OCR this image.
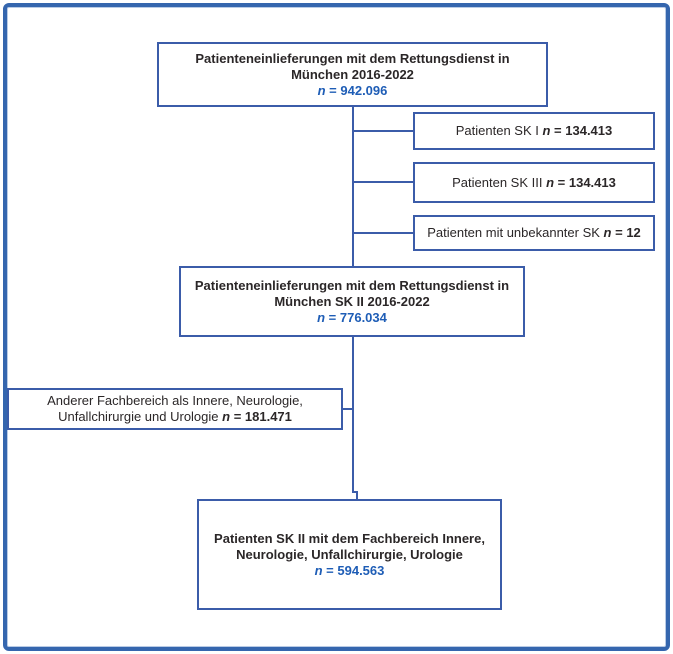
Patienteneinlieferungen mit dem Rettungsdienst in
München 2016-2022
n = 942.096
Patienten SK I n = 134.413
Patienten SK III n = 134.413
Patienten mit unbekannter SK n = 12
Patienteneinlieferungen mit dem Rettungsdienst in
München SK II 2016-2022
n = 776.034
Anderer Fachbereich als Innere, Neurologie,
Unfallchirurgie und Urologie n = 181.471
Patienten SK II mit dem Fachbereich Innere,
Neurologie, Unfallchirurgie, Urologie
n = 594.563
